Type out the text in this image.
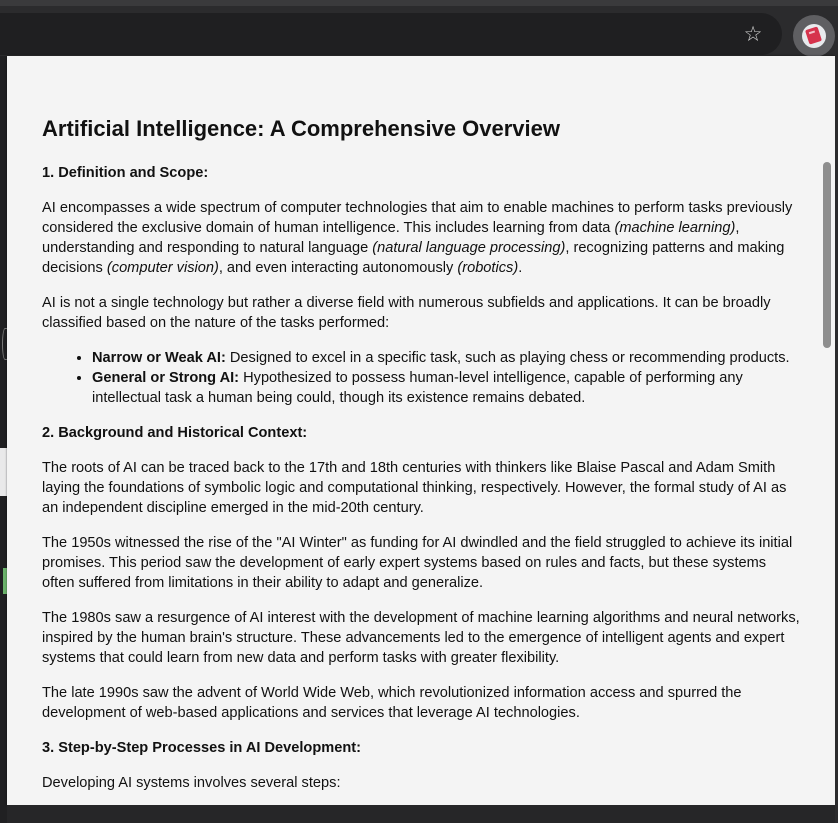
☆
Artificial Intelligence: A Comprehensive Overview
1. Definition and Scope:

AI encompasses a wide spectrum of computer technologies that aim to enable machines to perform tasks previously considered the exclusive domain of human intelligence. This includes learning from data (machine learning), understanding and responding to natural language (natural language processing), recognizing patterns and making decisions (computer vision), and even interacting autonomously (robotics).

AI is not a single technology but rather a diverse field with numerous subfields and applications. It can be broadly classified based on the nature of the tasks performed:

• Narrow or Weak AI: Designed to excel in a specific task, such as playing chess or recommending products.
• General or Strong AI: Hypothesized to possess human-level intelligence, capable of performing any intellectual task a human being could, though its existence remains debated.
2. Background and Historical Context:

The roots of AI can be traced back to the 17th and 18th centuries with thinkers like Blaise Pascal and Adam Smith laying the foundations of symbolic logic and computational thinking, respectively. However, the formal study of AI as an independent discipline emerged in the mid-20th century.

The 1950s witnessed the rise of the "AI Winter" as funding for AI dwindled and the field struggled to achieve its initial promises. This period saw the development of early expert systems based on rules and facts, but these systems often suffered from limitations in their ability to adapt and generalize.

The 1980s saw a resurgence of AI interest with the development of machine learning algorithms and neural networks, inspired by the human brain's structure. These advancements led to the emergence of intelligent agents and expert systems that could learn from new data and perform tasks with greater flexibility.

The late 1990s saw the advent of World Wide Web, which revolutionized information access and spurred the development of web-based applications and services that leverage AI technologies.

3. Step-by-Step Processes in AI Development:

Developing AI systems involves several steps:
